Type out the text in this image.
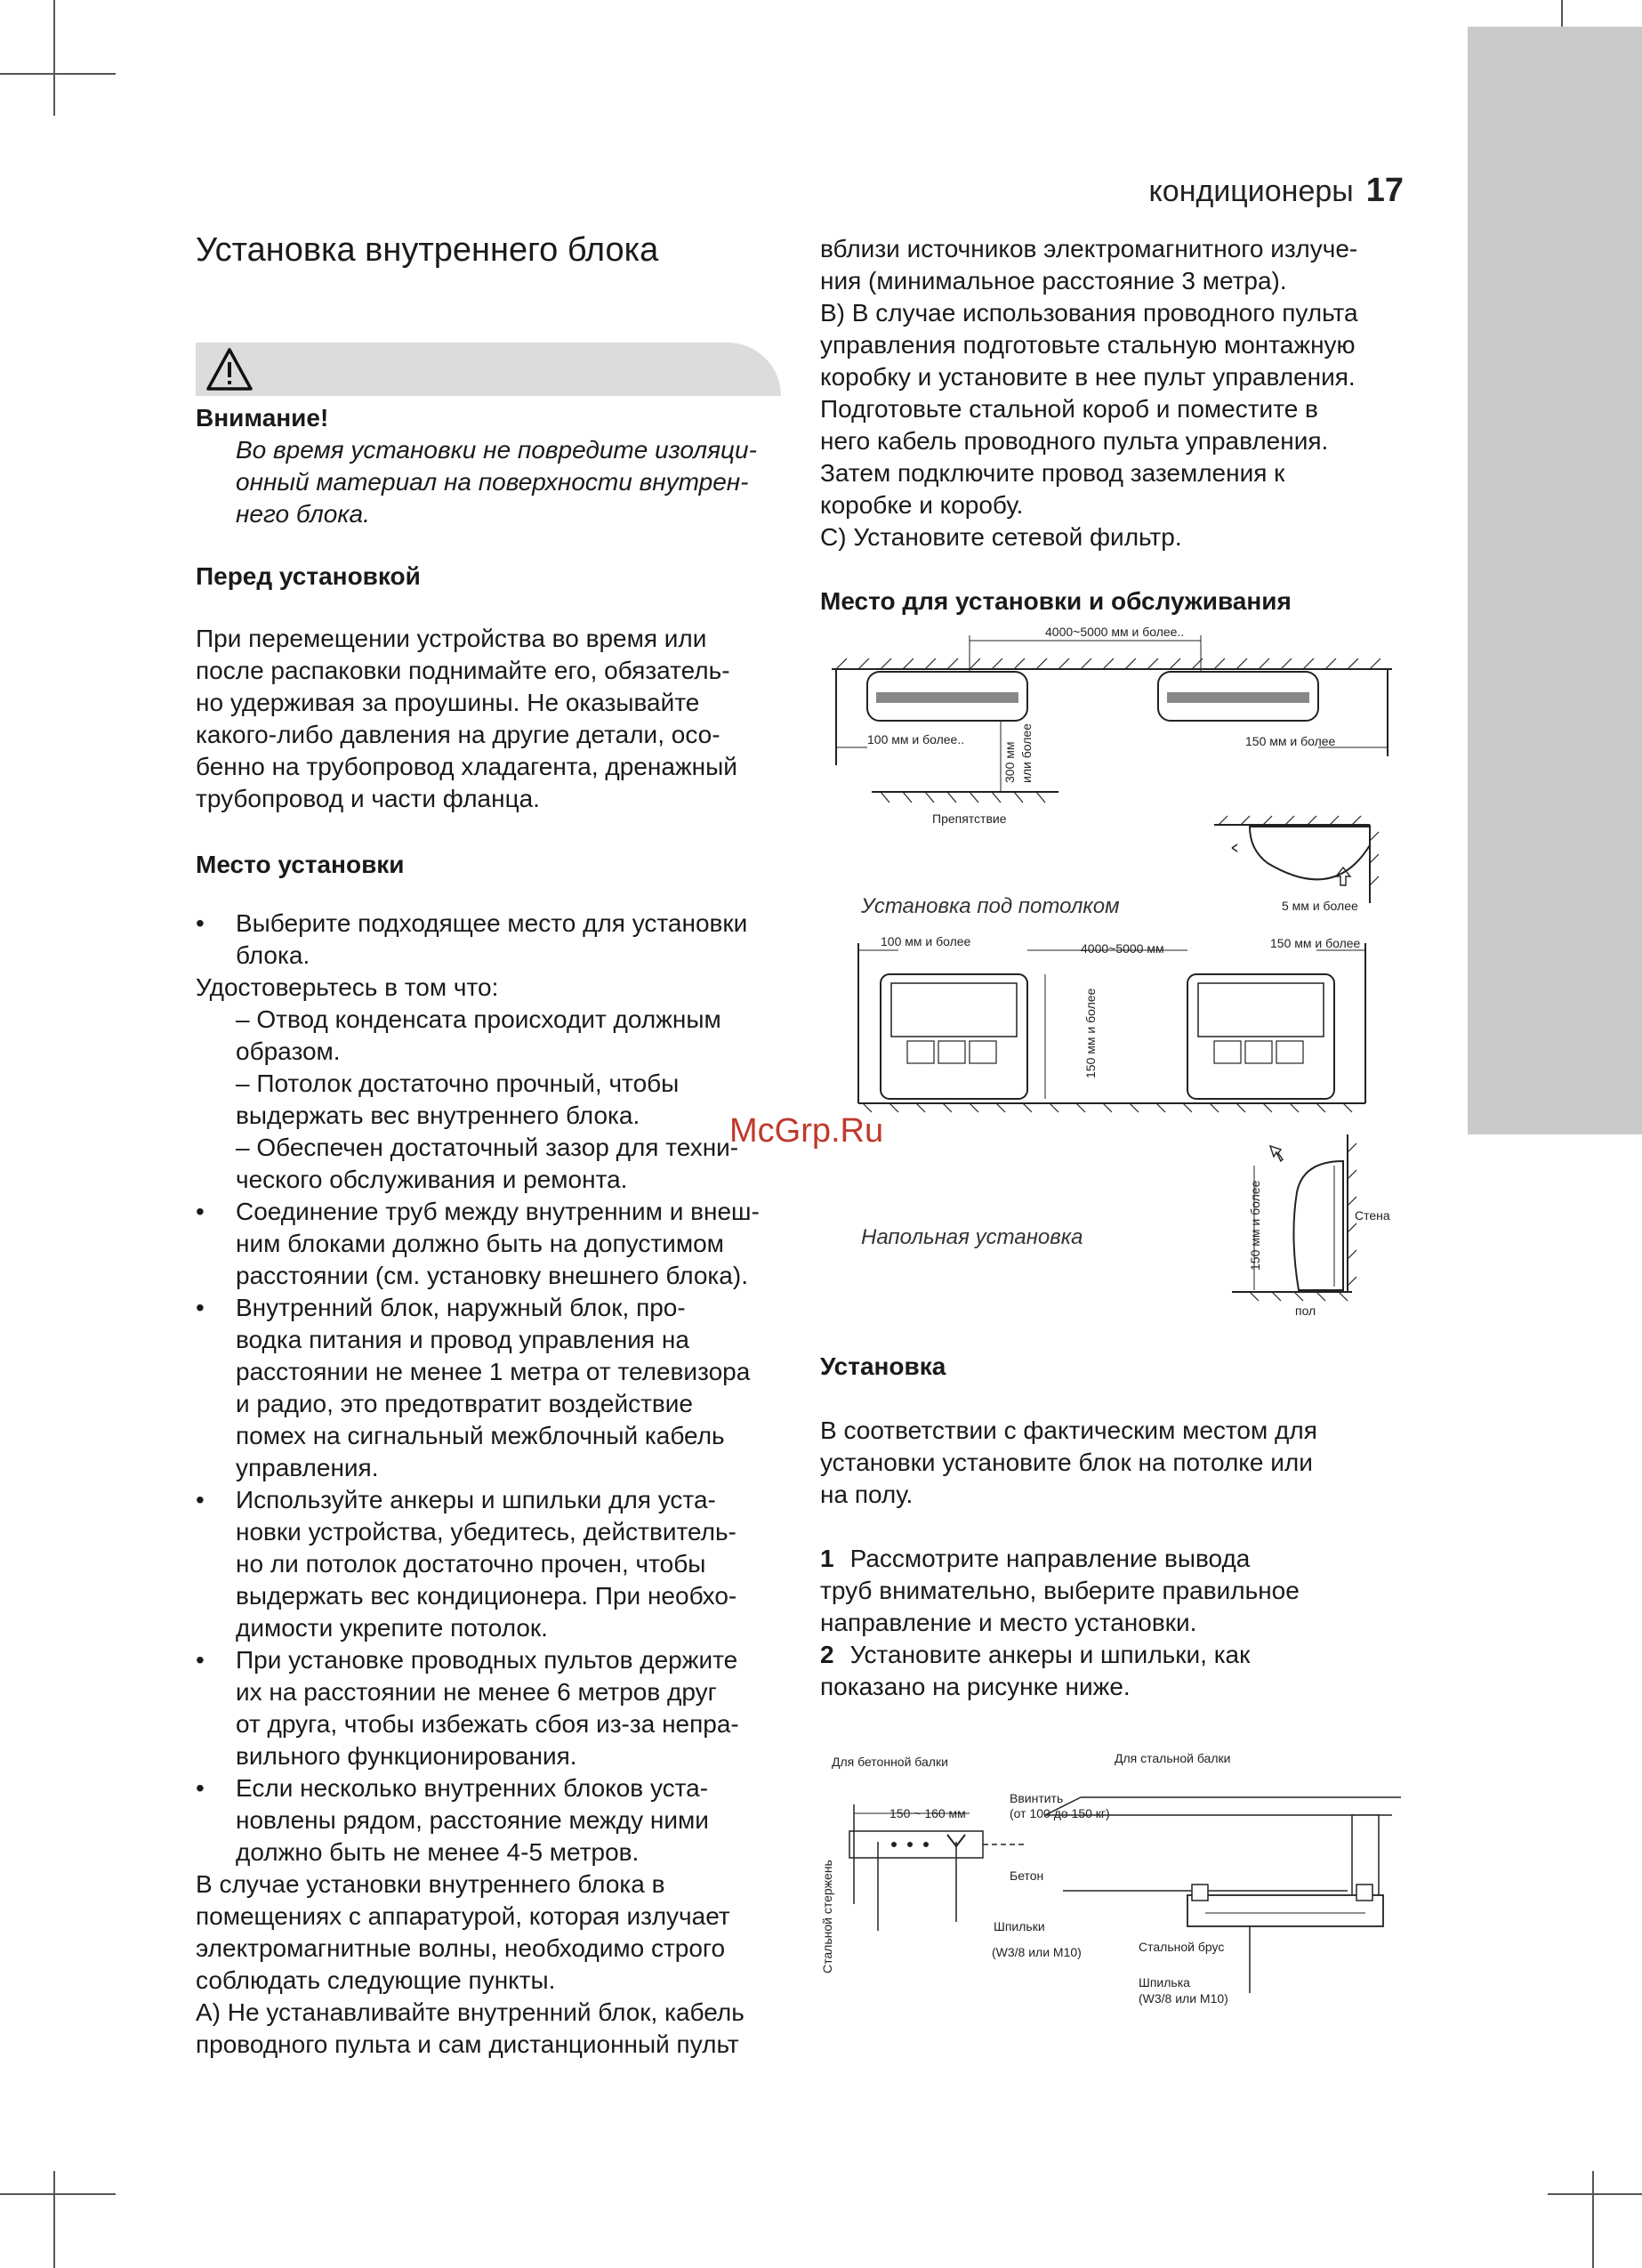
кондиционеры 17
Установка внутреннего блока

Внимание!

Во время установки не повредите изоляци-

онный материал на поверхности внутрен-

него блока.

Перед установкой

При перемещении устройства во время или

после распаковки поднимайте его, обязатель-

но удерживая за проушины. Не оказывайте

какого-либо давления на другие детали, осо-

бенно на трубопровод хладагента, дренажный

трубопровод и части фланца.

Место установки

• Выберите подходящее место для установки

блока.

Удостоверьтесь в том что:

– Отвод конденсата происходит должным

образом.

– Потолок достаточно прочный, чтобы

выдержать вес внутреннего блока.

– Обеспечен достаточный зазор для техни-

ческого обслуживания и ремонта.

• Соединение труб между внутренним и внеш-

ним блоками должно быть на допустимом

расстоянии (см. установку внешнего блока).

• Внутренний блок, наружный блок, про-

водка питания и провод управления на

расстоянии не менее 1 метра от телевизора

и радио, это предотвратит воздействие

помех на сигнальный межблочный кабель

управления.

• Используйте анкеры и шпильки для уста-

новки устройства, убедитесь, действитель-

но ли потолок достаточно прочен, чтобы

выдержать вес кондиционера. При необхо-

димости укрепите потолок.

• При установке проводных пультов держите

их на расстоянии не менее 6 метров друг

от друга, чтобы избежать сбоя из-за непра-

вильного функционирования.

• Если несколько внутренних блоков уста-

новлены рядом, расстояние между ними

должно быть не менее 4-5 метров.

В случае установки внутреннего блока в

помещениях с аппаратурой, которая излучает

электромагнитные волны, необходимо строго

соблюдать следующие пункты.

A) Не устанавливайте внутренний блок, кабель

проводного пульта и сам дистанционный пульт

вблизи источников электромагнитного излуче-

ния (минимальное расстояние 3 метра).

B) В случае использования проводного пульта

управления подготовьте стальную монтажную

коробку и установите в нее пульт управления.

Подготовьте стальной короб и поместите в

него кабель проводного пульта управления.

Затем подключите провод заземления к

коробке и коробу.

C) Установите сетевой фильтр.

Место для установки и обслуживания

4000~5000 мм и более..
100 мм и более..	150 мм и более
300 мм или более
Препятствие
5 мм и более
Установка под потолком
100 мм и более	4000~5000 мм	150 мм и более
150 мм и более
McGrp.Ru
150 мм и более	Стена
пол
Напольная установка

Установка

В соответствии с фактическим местом для

установки установите блок на потолке или

на полу.

1 Рассмотрите направление вывода

труб внимательно, выберите правильное

направление и место установки.

2 Установите анкеры и шпильки, как

показано на рисунке ниже.

Для бетонной балки	Для стальной балки
150 ~ 160 мм
Ввинтить
(от 100 до 150 кг)
Бетон
Шпильки
(W3/8 или M10)
Стальной стержень	Стальной брус
Шпилька
(W3/8 или M10)
